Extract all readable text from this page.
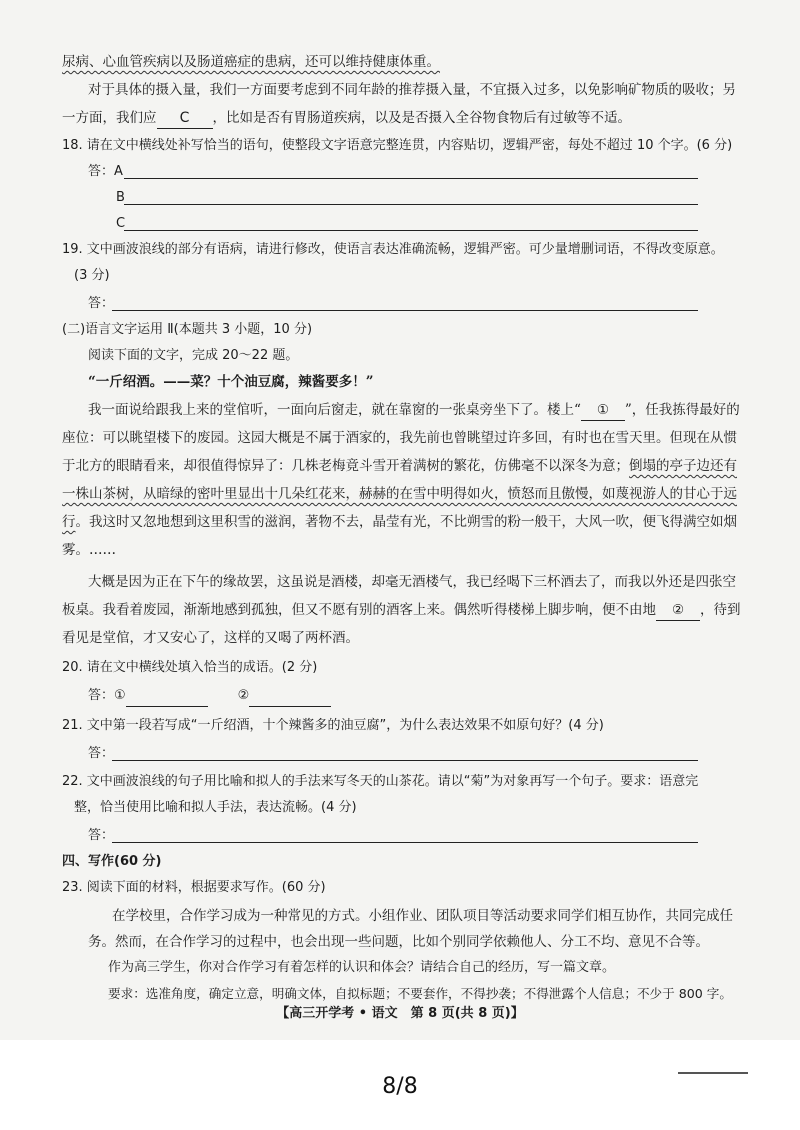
尿病、心血管疾病以及肠道癌症的患病，还可以维持健康体重。
对于具体的摄入量，我们一方面要考虑到不同年龄的推荐摄入量，不宜摄入过多，以免影响矿物质的吸收；另
一方面，我们应 C ，比如是否有胃肠道疾病，以及是否摄入全谷物食物后有过敏等不适。
18. 请在文中横线处补写恰当的语句，使整段文字语意完整连贯，内容贴切，逻辑严密，每处不超过 10 个字。(6 分)
答：A
B
C
19. 文中画波浪线的部分有语病，请进行修改，使语言表达准确流畅，逻辑严密。可少量增删词语，不得改变原意。
(3 分)
答：
(二)语言文字运用 Ⅱ(本题共 3 小题，10 分)
阅读下面的文字，完成 20～22 题。
“一斤绍酒。——菜？十个油豆腐，辣酱要多！”
我一面说给跟我上来的堂倌听，一面向后窗走，就在靠窗的一张桌旁坐下了。楼上“ ① ”，任我拣得最好的
座位：可以眺望楼下的废园。这园大概是不属于酒家的，我先前也曾眺望过许多回，有时也在雪天里。但现在从惯
于北方的眼睛看来，却很值得惊异了：几株老梅竟斗雪开着满树的繁花，仿佛毫不以深冬为意；倒塌的亭子边还有
一株山茶树，从暗绿的密叶里显出十几朵红花来，赫赫的在雪中明得如火，愤怒而且傲慢，如蔑视游人的甘心于远
行。我这时又忽地想到这里积雪的滋润，著物不去，晶莹有光，不比朔雪的粉一般干，大风一吹，便飞得满空如烟
雾。……
大概是因为正在下午的缘故罢，这虽说是酒楼，却毫无酒楼气，我已经喝下三杯酒去了，而我以外还是四张空
板桌。我看着废园，渐渐地感到孤独，但又不愿有别的酒客上来。偶然听得楼梯上脚步响，便不由地 ② ，待到
看见是堂倌，才又安心了，这样的又喝了两杯酒。
20. 请在文中横线处填入恰当的成语。(2 分)
答：①	②
21. 文中第一段若写成“一斤绍酒，十个辣酱多的油豆腐”，为什么表达效果不如原句好？(4 分)
答：
22. 文中画波浪线的句子用比喻和拟人的手法来写冬天的山茶花。请以“菊”为对象再写一个句子。要求：语意完
整，恰当使用比喻和拟人手法，表达流畅。(4 分)
答：
四、写作(60 分)
23. 阅读下面的材料，根据要求写作。(60 分)
在学校里，合作学习成为一种常见的方式。小组作业、团队项目等活动要求同学们相互协作，共同完成任
务。然而，在合作学习的过程中，也会出现一些问题，比如个别同学依赖他人、分工不均、意见不合等。
作为高三学生，你对合作学习有着怎样的认识和体会？请结合自己的经历，写一篇文章。
要求：选准角度，确定立意，明确文体，自拟标题；不要套作，不得抄袭；不得泄露个人信息；不少于 800 字。
【高三开学考 • 语文　第 8 页(共 8 页)】
8/8
